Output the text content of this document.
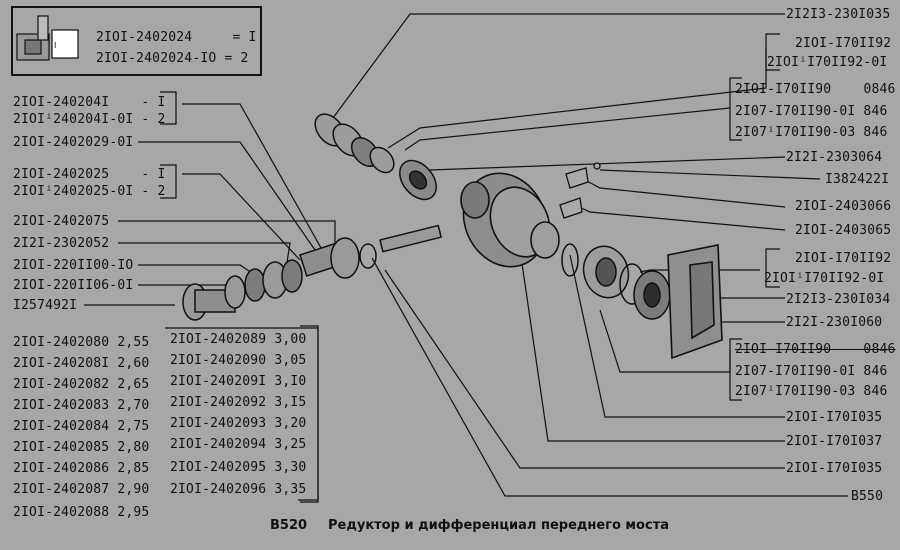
I
2IOI-2402024     = I
2IOI-2402024-IO = 2
2IOI-240204I    - I
2IOIⁱ240204I-0I - 2
2IOI-2402029-0I
2IOI-2402025    - I
2IOIⁱ2402025-0I - 2
2IOI-2402075
2I2I-2302052
2IOI-220II00-IO
2IOI-220II06-0I
I257492I
2IOI-2402080 2,55
2IOI-240208I 2,60
2IOI-2402082 2,65
2IOI-2402083 2,70
2IOI-2402084 2,75
2IOI-2402085 2,80
2IOI-2402086 2,85
2IOI-2402087 2,90
2IOI-2402088 2,95
2IOI-2402089 3,00
2IOI-2402090 3,05
2IOI-240209I 3,I0
2IOI-2402092 3,I5
2IOI-2402093 3,20
2IOI-2402094 3,25
2IOI-2402095 3,30
2IOI-2402096 3,35
2I2I3-230I035
2IOI-I70II92
2IOIⁱI70II92-0I
2IOI-I70II90    0846
2I07-I70II90-0I 846
2I07ⁱI70II90-03 846
2I2I-2303064
I382422I
2IOI-2403066
2IOI-2403065
2IOI-I70II92
2IOIⁱI70II92-0I
2I2I3-230I034
2I2I-230I060
2IOI-I70II90    0846
2I07-I70II90-0I 846
2I07ⁱI70II90-03 846
2IOI-I70I035
2IOI-I70I037
2IOI-I70I035
B550
B520 Редуктор и дифференциал переднего моста
